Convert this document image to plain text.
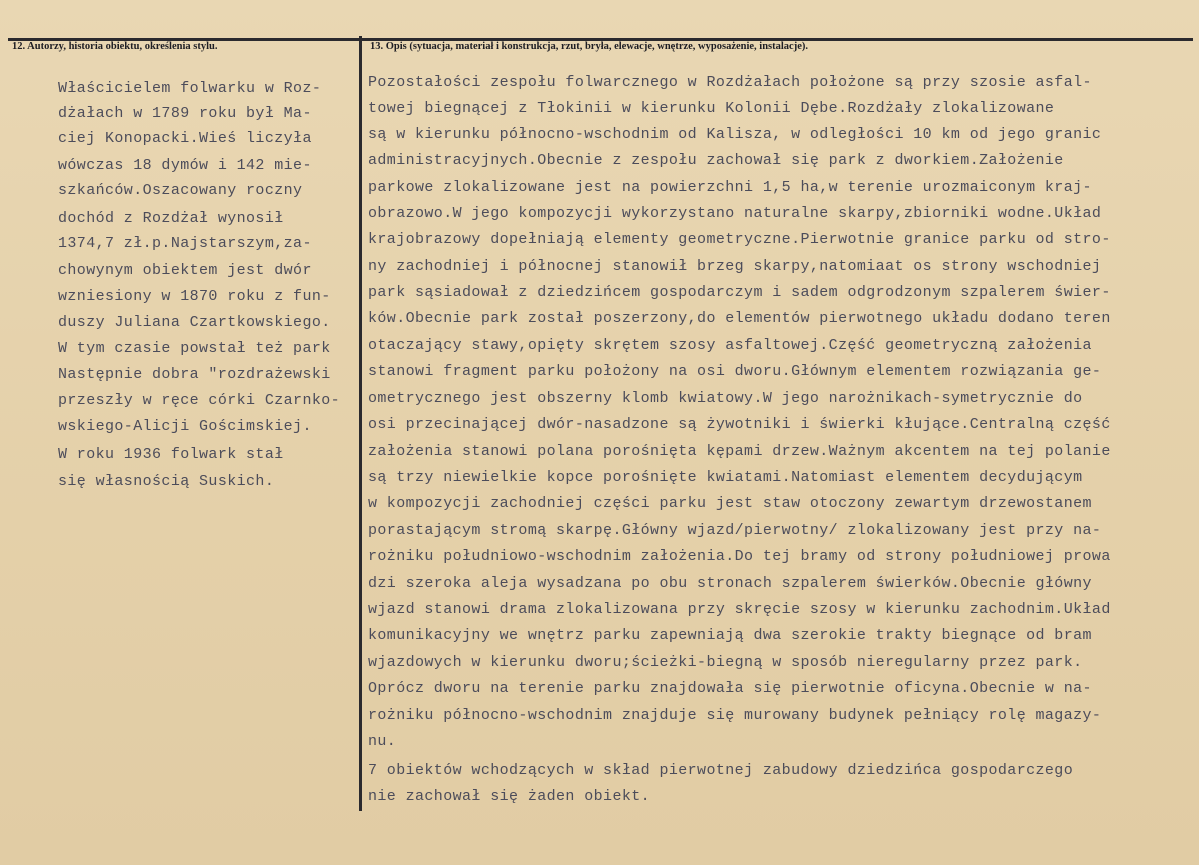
12. Autorzy, historia obiektu, określenia stylu.	13. Opis (sytuacja, materiał i konstrukcja, rzut, bryła, elewacje, wnętrze, wyposażenie, instalacje).
Właścicielem folwarku w Roz-
dżałach w 1789 roku był Ma-
ciej Konopacki.Wieś liczyła
wówczas 18 dymów i 142 mie-
szkańców.Oszacowany roczny
dochód z Rozdżał wynosił
1374,7 zł.p.Najstarszym,za-
chowynym obiektem jest dwór
wzniesiony w 1870 roku z fun-
duszy Juliana Czartkowskiego.
W tym czasie powstał też park
Następnie dobra "rozdrażewski
przeszły w ręce córki Czarnko-
wskiego-Alicji Gościmskiej.
W roku 1936 folwark stał
się własnością Suskich.
Pozostałości zespołu folwarcznego w Rozdżałach położone są przy szosie asfal-
towej biegnącej z Tłokinii w kierunku Kolonii Dębe.Rozdżały zlokalizowane
są w kierunku północno-wschodnim od Kalisza, w odległości 10 km od jego granic
administracyjnych.Obecnie z zespołu zachował się park z dworkiem.Założenie
parkowe zlokalizowane jest na powierzchni 1,5 ha,w terenie urozmaiconym kraj-
obrazowo.W jego kompozycji wykorzystano naturalne skarpy,zbiorniki wodne.Układ
krajobrazowy dopełniają elementy geometryczne.Pierwotnie granice parku od stro-
ny zachodniej i północnej stanowił brzeg skarpy,natomiaat os strony wschodniej
park sąsiadował z dziedzińcem gospodarczym i sadem odgrodzonym szpalerem świer-
ków.Obecnie park został poszerzony,do elementów pierwotnego układu dodano teren
otaczający stawy,opięty skrętem szosy asfaltowej.Część geometryczną założenia
stanowi fragment parku położony na osi dworu.Głównym elementem rozwiązania ge-
ometrycznego jest obszerny klomb kwiatowy.W jego narożnikach-symetrycznie do
osi przecinającej dwór-nasadzone są żywotniki i świerki kłujące.Centralną część
założenia stanowi polana porośnięta kępami drzew.Ważnym akcentem na tej polanie
są trzy niewielkie kopce porośnięte kwiatami.Natomiast elementem decydującym
w kompozycji zachodniej części parku jest staw otoczony zewartym drzewostanem
porastającym stromą skarpę.Główny wjazd/pierwotny/ zlokalizowany jest przy na-
rożniku południowo-wschodnim założenia.Do tej bramy od strony południowej prowa
dzi szeroka aleja wysadzana po obu stronach szpalerem świerków.Obecnie główny
wjazd stanowi drama zlokalizowana przy skręcie szosy w kierunku zachodnim.Układ
komunikacyjny we wnętrz parku zapewniają dwa szerokie trakty biegnące od bram
wjazdowych w kierunku dworu;ścieżki-biegną w sposób nieregularny przez park.
Oprócz dworu na terenie parku znajdowała się pierwotnie oficyna.Obecnie w na-
rożniku północno-wschodnim znajduje się murowany budynek pełniący rolę magazy-
nu.
7 obiektów wchodzących w skład pierwotnej zabudowy dziedzińca gospodarczego
nie zachował się żaden obiekt.
